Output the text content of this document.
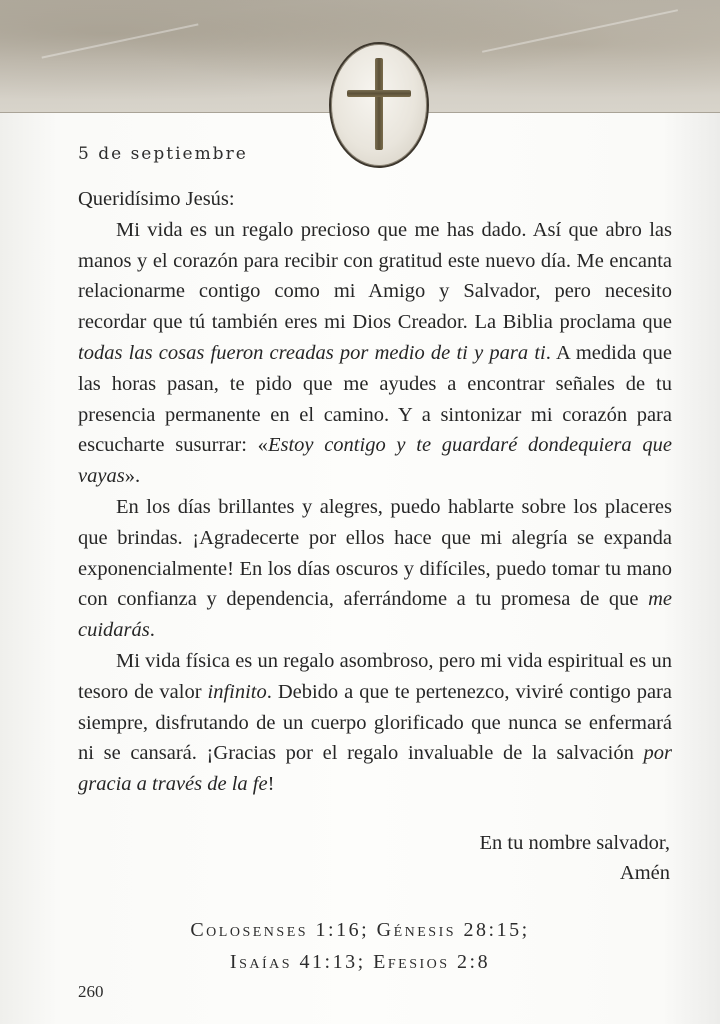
5 de septiembre

Queridísimo Jesús:

Mi vida es un regalo precioso que me has dado. Así que abro las manos y el corazón para recibir con gratitud este nuevo día. Me encanta relacionarme contigo como mi Amigo y Salvador, pero necesito recordar que tú también eres mi Dios Creador. La Biblia proclama que todas las cosas fueron creadas por medio de ti y para ti. A medida que las horas pasan, te pido que me ayudes a encontrar señales de tu presencia permanente en el camino. Y a sintonizar mi corazón para escucharte susurrar: «Estoy contigo y te guardaré dondequiera que vayas».

En los días brillantes y alegres, puedo hablarte sobre los placeres que brindas. ¡Agradecerte por ellos hace que mi alegría se expanda exponencialmente! En los días oscuros y difíciles, puedo tomar tu mano con confianza y dependencia, aferrándome a tu promesa de que me cuidarás.

Mi vida física es un regalo asombroso, pero mi vida espiritual es un tesoro de valor infinito. Debido a que te pertenezco, viviré contigo para siempre, disfrutando de un cuerpo glorificado que nunca se enfermará ni se cansará. ¡Gracias por el regalo invaluable de la salvación por gracia a través de la fe!

En tu nombre salvador,
Amén
Colosenses 1:16; Génesis 28:15;
Isaías 41:13; Efesios 2:8
260
